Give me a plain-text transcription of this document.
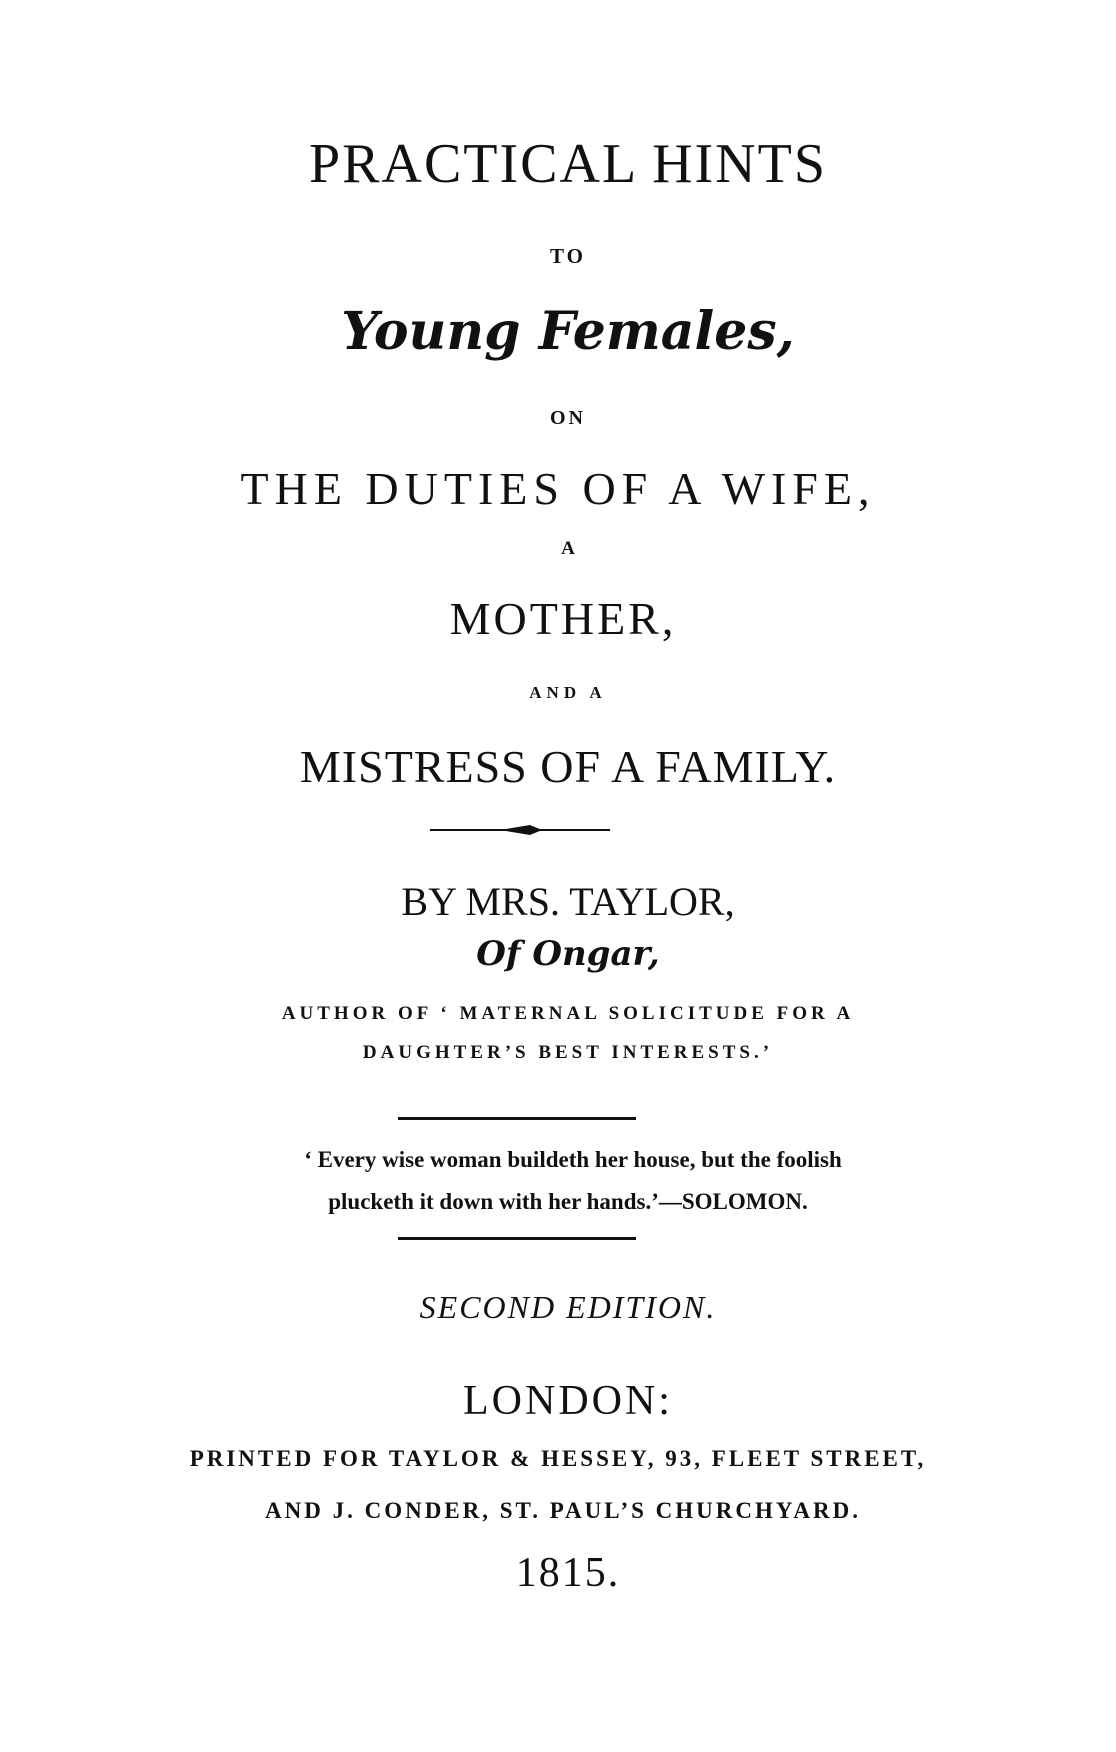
PRACTICAL HINTS
TO
Young Females,
ON
THE DUTIES OF A WIFE,
A
MOTHER,
AND A
MISTRESS OF A FAMILY.
BY MRS. TAYLOR,
Of Ongar,
AUTHOR OF ‘ MATERNAL SOLICITUDE FOR A
DAUGHTER’S BEST INTERESTS.’
‘ Every wise woman buildeth her house, but the foolish
plucketh it down with her hands.’—SOLOMON.
SECOND EDITION.
LONDON:
PRINTED FOR TAYLOR & HESSEY, 93, FLEET STREET,
AND J. CONDER, ST. PAUL’S CHURCHYARD.
1815.
